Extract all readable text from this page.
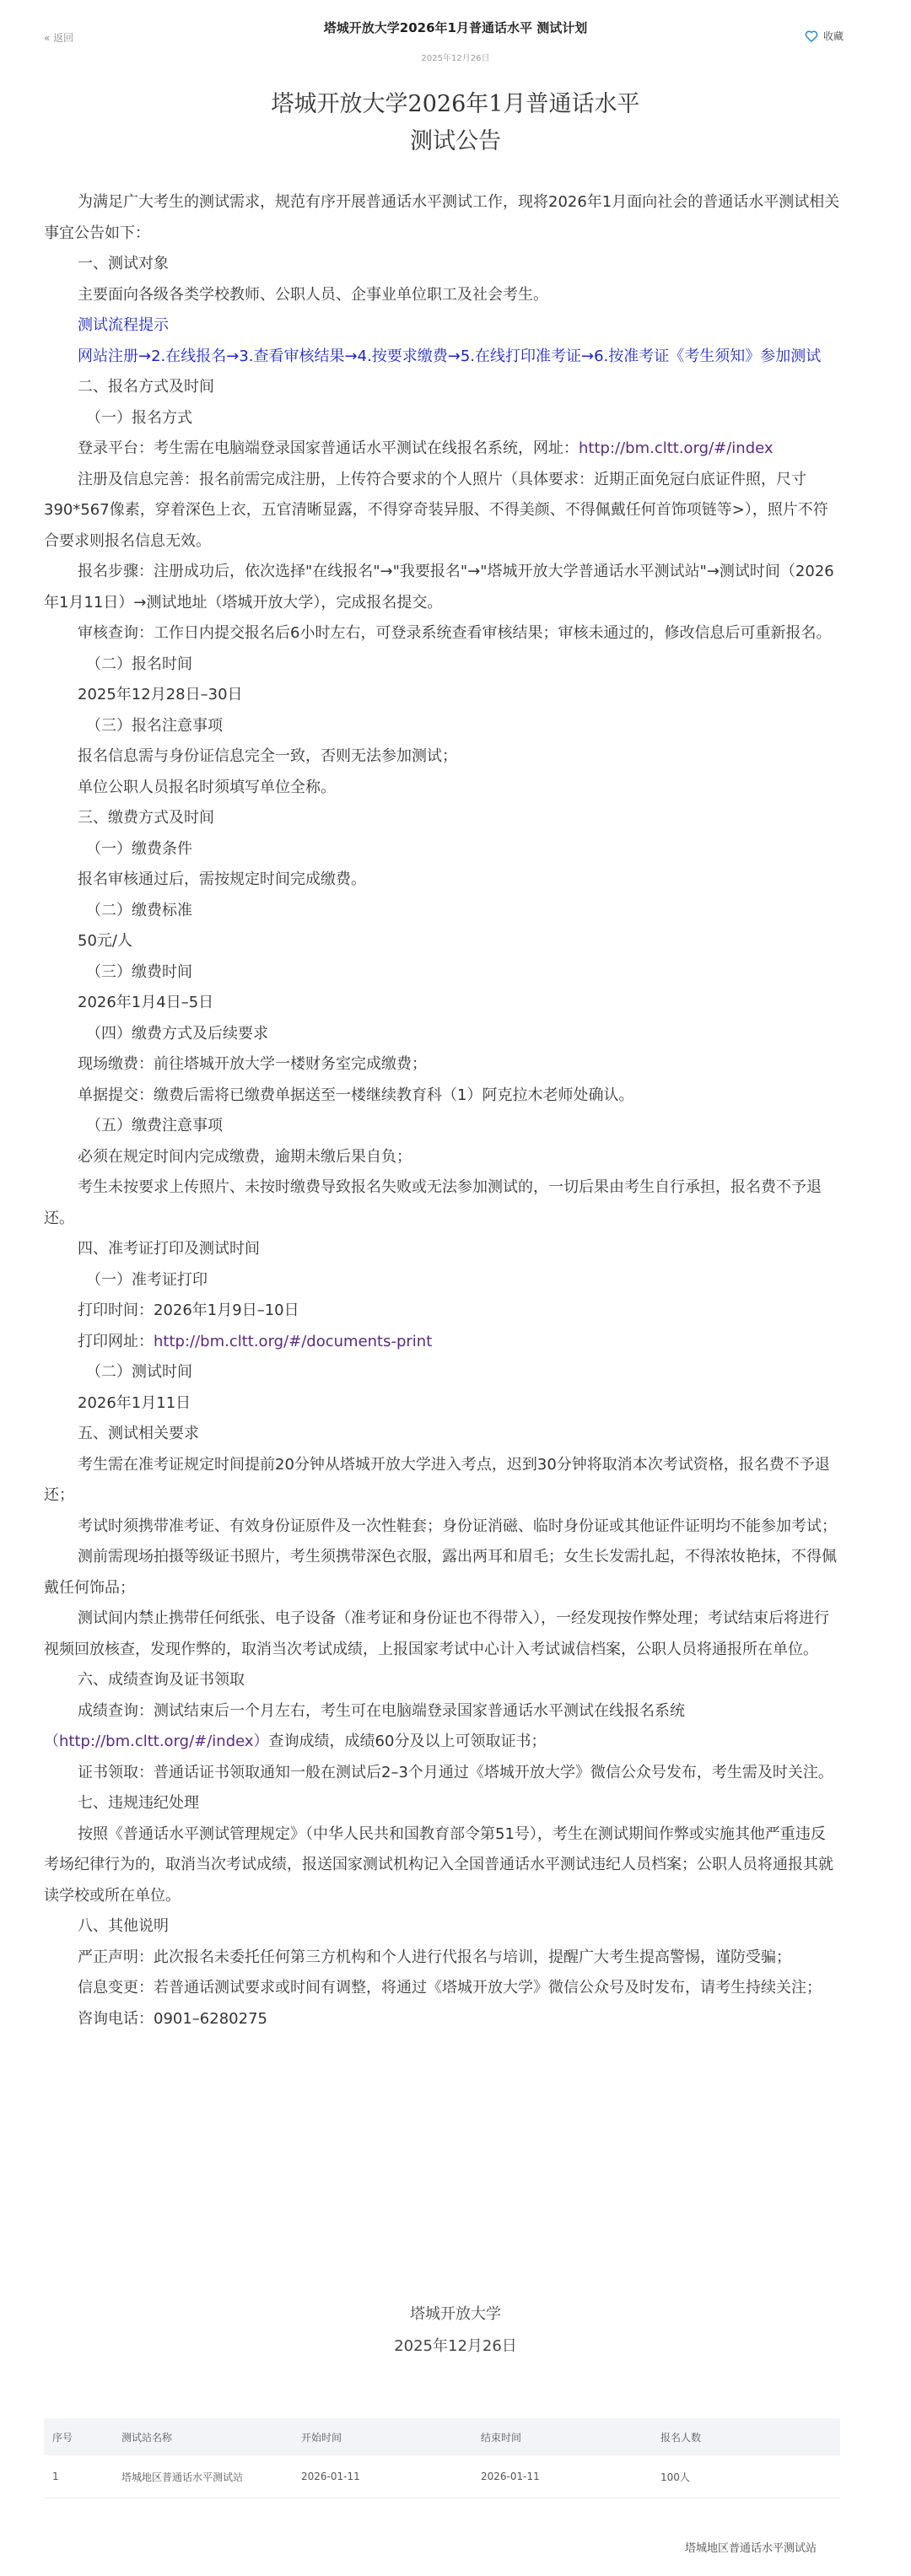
« 返回
塔城开放大学2026年1月普通话水平 测试计划
2025年12月26日
收藏
塔城开放大学2026年1月普通话水平
测试公告

为满足广大考生的测试需求，规范有序开展普通话水平测试工作，现将2026年1月面向社会的普通话水平测试相关事宜公告如下：

一、测试对象

主要面向各级各类学校教师、公职人员、企事业单位职工及社会考生。

测试流程提示

网站注册→2.在线报名→3.查看审核结果→4.按要求缴费→5.在线打印准考证→6.按准考证《考生须知》参加测试

二、报名方式及时间

（一）报名方式

登录平台：考生需在电脑端登录国家普通话水平测试在线报名系统，网址：http://bm.cltt.org/#/index

注册及信息完善：报名前需完成注册，上传符合要求的个人照片（具体要求：近期正面免冠白底证件照，尺寸390*567像素，穿着深色上衣，五官清晰显露，不得穿奇装异服、不得美颜、不得佩戴任何首饰项链等>），照片不符合要求则报名信息无效。

报名步骤：注册成功后，依次选择"在线报名"→"我要报名"→"塔城开放大学普通话水平测试站"→测试时间（2026年1月11日）→测试地址（塔城开放大学），完成报名提交。

审核查询：工作日内提交报名后6小时左右，可登录系统查看审核结果；审核未通过的，修改信息后可重新报名。

（二）报名时间

2025年12月28日–30日

（三）报名注意事项

报名信息需与身份证信息完全一致，否则无法参加测试；

单位公职人员报名时须填写单位全称。

三、缴费方式及时间

（一）缴费条件

报名审核通过后，需按规定时间完成缴费。

（二）缴费标准

50元/人

（三）缴费时间

2026年1月4日–5日

（四）缴费方式及后续要求

现场缴费：前往塔城开放大学一楼财务室完成缴费；

单据提交：缴费后需将已缴费单据送至一楼继续教育科（1）阿克拉木老师处确认。

（五）缴费注意事项

必须在规定时间内完成缴费，逾期未缴后果自负；

考生未按要求上传照片、未按时缴费导致报名失败或无法参加测试的，一切后果由考生自行承担，报名费不予退还。

四、准考证打印及测试时间

（一）准考证打印

打印时间：2026年1月9日–10日

打印网址：http://bm.cltt.org/#/documents-print

（二）测试时间

2026年1月11日

五、测试相关要求

考生需在准考证规定时间提前20分钟从塔城开放大学进入考点，迟到30分钟将取消本次考试资格，报名费不予退还；

考试时须携带准考证、有效身份证原件及一次性鞋套；身份证消磁、临时身份证或其他证件证明均不能参加考试；

测前需现场拍摄等级证书照片，考生须携带深色衣服，露出两耳和眉毛；女生长发需扎起，不得浓妆艳抹，不得佩戴任何饰品；

测试间内禁止携带任何纸张、电子设备（准考证和身份证也不得带入），一经发现按作弊处理；考试结束后将进行视频回放核查，发现作弊的，取消当次考试成绩，上报国家考试中心计入考试诚信档案，公职人员将通报所在单位。

六、成绩查询及证书领取

成绩查询：测试结束后一个月左右，考生可在电脑端登录国家普通话水平测试在线报名系统（http://bm.cltt.org/#/index）查询成绩，成绩60分及以上可领取证书；

证书领取：普通话证书领取通知一般在测试后2–3个月通过《塔城开放大学》微信公众号发布，考生需及时关注。

七、违规违纪处理

按照《普通话水平测试管理规定》（中华人民共和国教育部令第51号），考生在测试期间作弊或实施其他严重违反考场纪律行为的，取消当次考试成绩，报送国家测试机构记入全国普通话水平测试违纪人员档案；公职人员将通报其就读学校或所在单位。

八、其他说明

严正声明：此次报名未委托任何第三方机构和个人进行代报名与培训，提醒广大考生提高警惕，谨防受骗；

信息变更：若普通话测试要求或时间有调整，将通过《塔城开放大学》微信公众号及时发布，请考生持续关注；

咨询电话：0901–6280275

塔城开放大学
2025年12月26日
序号	测试站名称	开始时间	结束时间	报名人数
1	塔城地区普通话水平测试站	2026-01-11	2026-01-11	100人
塔城地区普通话水平测试站
